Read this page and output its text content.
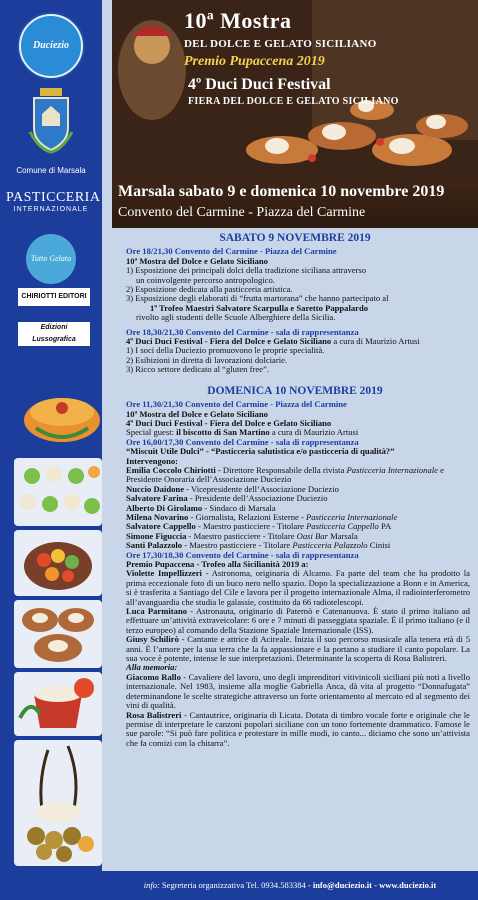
Duciezio
Comune di Marsala
PASTICCERIA
INTERNAZIONALE
Tutto Gelato
CHIRIOTTI EDITORI
Edizioni Lussografica
10ª Mostra
DEL DOLCE E GELATO SICILIANO
Premio Pupaccena 2019
4º Duci Duci Festival
FIERA DEL DOLCE E GELATO SICILIANO
Marsala sabato 9 e domenica 10 novembre 2019
Convento del Carmine - Piazza del Carmine
SABATO 9 NOVEMBRE 2019
Ore 18/21,30 Convento del Carmine - Piazza del Carmine
10ª Mostra del Dolce e Gelato Siciliano
1) Esposizione dei principali dolci della tradizione siciliana attraverso
un coinvolgente percorso antropologico.
2) Esposizione dedicata alla pasticceria artistica.
3) Esposizione degli elaborati di “frutta martorana” che hanno partecipato al
1º Trofeo Maestri Salvatore Scarpulla e Saretto Pappalardo
rivolto agli studenti delle Scuole Alberghiere della Sicilia.
Ore 18,30/21,30 Convento del Carmine - sala di rappresentanza
4º Duci Duci Festival - Fiera del Dolce e Gelato Siciliano a cura di Maurizio Artusi
1) I soci della Duciezio promuovono le proprie specialità.
2) Esibizioni in diretta di lavorazioni dolciarie.
3) Ricco settore dedicato al “gluten free”.
DOMENICA 10 NOVEMBRE 2019
Ore 11,30/21,30 Convento del Carmine - Piazza del Carmine
10ª Mostra del Dolce e Gelato Siciliano
4º Duci Duci Festival - Fiera del Dolce e Gelato Siciliano
Special guest: il biscotto di San Martino a cura di Maurizio Artusi
Ore 16,00/17,30 Convento del Carmine - sala di rappresentanza
“Miscuit Utile Dulci” - “Pasticceria salutistica e/o pasticceria di qualità?”
Intervengono:
Emilia Coccolo Chiriotti - Direttore Responsabile della rivista Pasticceria Internazionale e Presidente Onoraria dell’Associazione Duciezio
Nuccio Daidone - Vicepresidente dell’Associazione Duciezio
Salvatore Farina - Presidente dell’Associazione Duciezio
Alberto Di Girolamo - Sindaco di Marsala
Milena Novarino - Giornalista, Relazioni Esterne - Pasticceria Internazionale
Salvatore Cappello - Maestro pasticciere - Titolare Pasticceria Cappello PA
Simone Figuccia - Maestro pasticciere - Titolare Oasi Bar Marsala
Santi Palazzolo - Maestro pasticciere - Titolare Pasticceria Palazzolo Cinisi
Ore 17,30/18,30 Convento del Carmine - sala di rappresentanza
Premio Pupaccena - Trofeo alla Sicilianità 2019 a:
Violette Impellizzeri - Astronoma, originaria di Alcamo. Fa parte del team che ha prodotto la prima eccezionale foto di un buco nero nello spazio. Dopo la specializzazione a Bonn e in America, si è trasferita a Santiago del Cile e lavora per il progetto internazionale Alma, il radiointerferometro all’avanguardia che studia le galassie, costituito da 66 radiotelescopi.
Luca Parmitano - Astronauta, originario di Paternò e Catenanuova. È stato il primo italiano ad effettuare un’attività extraveicolare: 6 ore e 7 minuti di passeggiata spaziale. È il primo italiano (e il terzo europeo) al comando della Stazione Spaziale Internazionale (ISS).
Giusy Schilirò - Cantante e attrice di Acireale. Inizia il suo percorso musicale alla tenera età di 5 anni. È l’amore per la sua terra che la fa appassionare e la portano a studiare il canto popolare. La sua voce è potente, intense le sue interpretazioni. Determinante la scoperta di Rosa Balistreri.
Alla memoria:
Giacomo Rallo - Cavaliere del lavoro, uno degli imprenditori vitivinicoli siciliani più noti a livello internazionale. Nel 1983, insieme alla moglie Gabriella Anca, dà vita al progetto “Donnafugata” determinandone le scelte strategiche attraverso un forte orientamento al mercato ed al segmento dei vini di qualità.
Rosa Balistreri - Cantautrice, originaria di Licata. Dotata di timbro vocale forte e originale che le permise di interpretare le canzoni popolari siciliane con un tono fortemente drammatico. Famose le sue parole: “Si può fare politica e protestare in mille modi, io canto... diciamo che sono un’attivista che fa comizi con la chitarra”.
info: Segreteria organizzativa Tel. 0934.583384 - info@duciezio.it - www.duciezio.it
